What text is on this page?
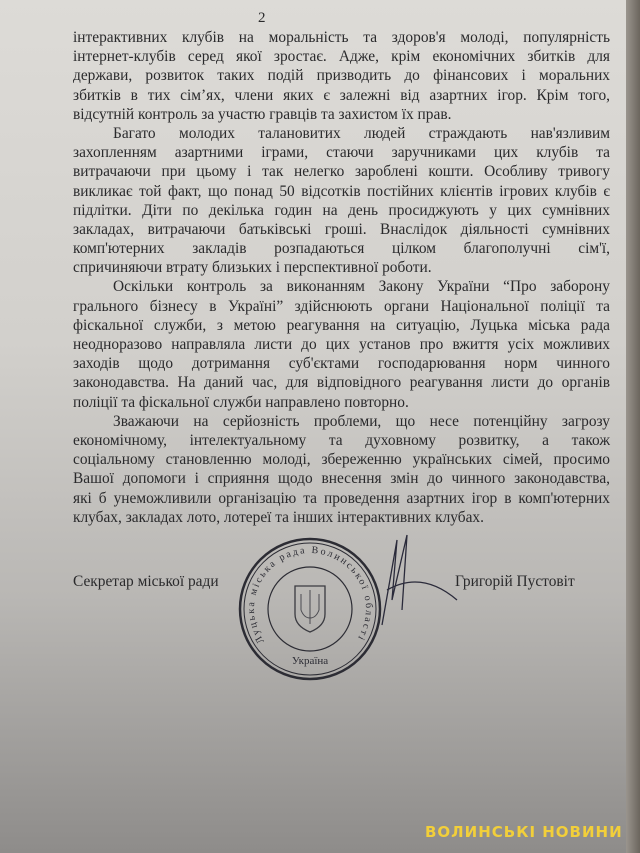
2
інтерактивних клубів на моральність та здоров'я молоді, популярність
інтернет-клубів серед якої зростає. Адже, крім економічних збитків для
держави, розвиток таких подій призводить до фінансових і моральних
збитків в тих сім’ях, члени яких є залежні від азартних ігор. Крім того,
відсутній контроль за участю гравців та захистом їх прав.
Багато молодих талановитих людей страждають нав'язливим
захопленням азартними іграми, стаючи заручниками цих клубів та
витрачаючи при цьому і так нелегко зароблені кошти. Особливу тривогу
викликає той факт, що понад 50 відсотків постійних клієнтів ігрових клубів є
підлітки. Діти по декілька годин на день просиджують у цих сумнівних
закладах, витрачаючи батьківські гроші. Внаслідок діяльності сумнівних
комп'ютерних закладів розпадаються цілком благополучні сім'ї,
спричиняючи втрату близьких і перспективної роботи.
Оскільки контроль за виконанням Закону України “Про заборону
грального бізнесу в Україні” здійснюють органи Національної поліції та
фіскальної служби, з метою реагування на ситуацію, Луцька міська рада
неодноразово направляла листи до цих установ про вжиття усіх можливих
заходів щодо дотримання суб'єктами господарювання норм чинного
законодавства. На даний час, для відповідного реагування листи до органів
поліції та фіскальної служби направлено повторно.
Зважаючи на серйозність проблеми, що несе потенційну загрозу
економічному, інтелектуальному та духовному розвитку, а також
соціальному становленню молоді, збереженню українських сімей, просимо
Вашої допомоги і сприяння щодо внесення змін до чинного законодавства,
які б унеможливили організацію та проведення азартних ігор в комп'ютерних
клубах, закладах лото, лотереї та інших інтерактивних клубах.
Секретар міської ради	Григорій Пустовіт
Луцька міська рада Волинської області
Україна
ВОЛИНСЬКІ НОВИНИ
